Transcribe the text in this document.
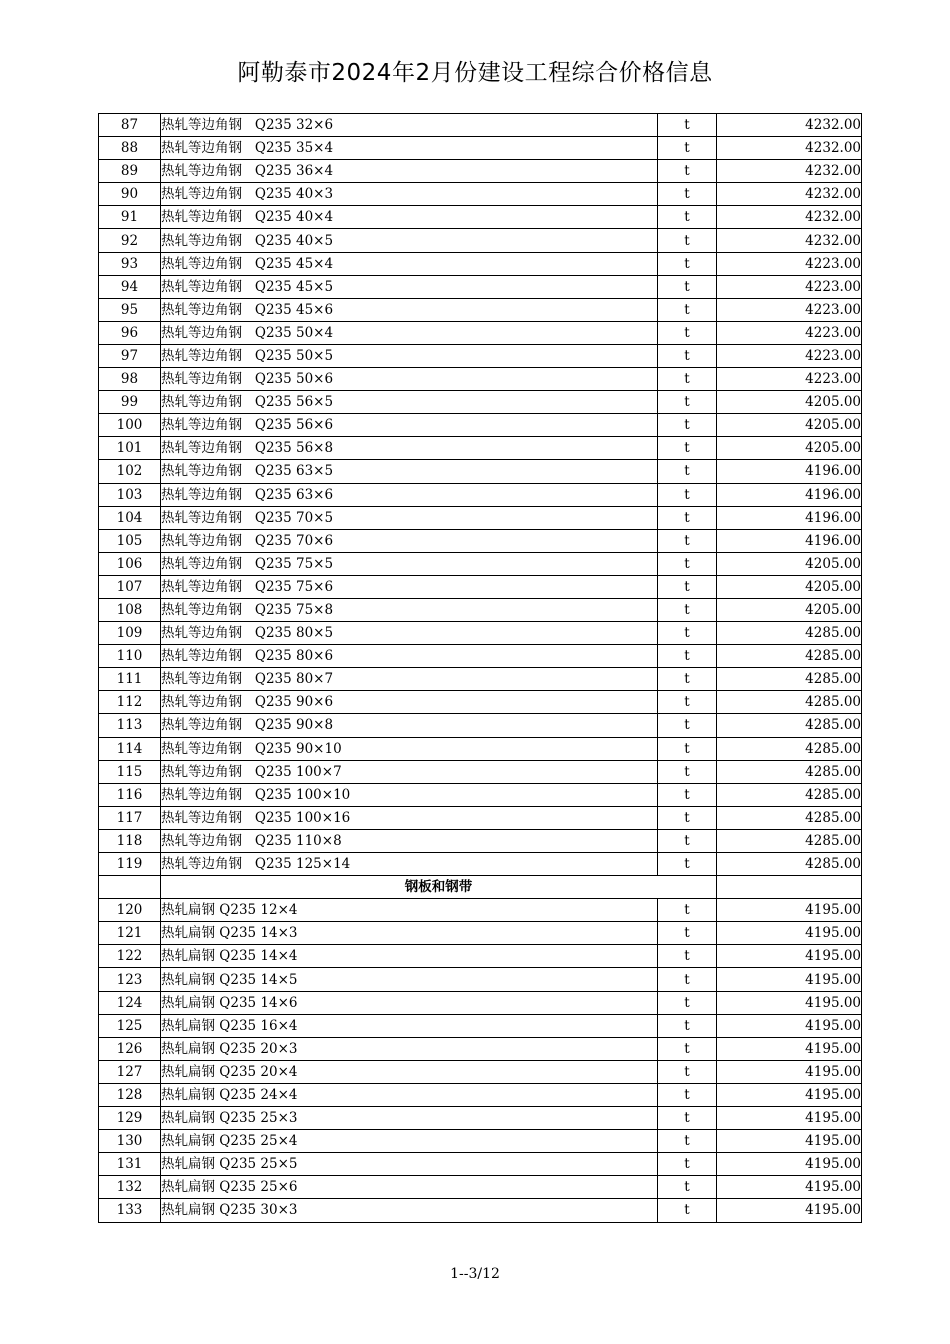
阿勒泰市2024年2月份建设工程综合价格信息
87	热轧等边角钢   Q235 32×6	t	4232.00
88	热轧等边角钢   Q235 35×4	t	4232.00
89	热轧等边角钢   Q235 36×4	t	4232.00
90	热轧等边角钢   Q235 40×3	t	4232.00
91	热轧等边角钢   Q235 40×4	t	4232.00
92	热轧等边角钢   Q235 40×5	t	4232.00
93	热轧等边角钢   Q235 45×4	t	4223.00
94	热轧等边角钢   Q235 45×5	t	4223.00
95	热轧等边角钢   Q235 45×6	t	4223.00
96	热轧等边角钢   Q235 50×4	t	4223.00
97	热轧等边角钢   Q235 50×5	t	4223.00
98	热轧等边角钢   Q235 50×6	t	4223.00
99	热轧等边角钢   Q235 56×5	t	4205.00
100	热轧等边角钢   Q235 56×6	t	4205.00
101	热轧等边角钢   Q235 56×8	t	4205.00
102	热轧等边角钢   Q235 63×5	t	4196.00
103	热轧等边角钢   Q235 63×6	t	4196.00
104	热轧等边角钢   Q235 70×5	t	4196.00
105	热轧等边角钢   Q235 70×6	t	4196.00
106	热轧等边角钢   Q235 75×5	t	4205.00
107	热轧等边角钢   Q235 75×6	t	4205.00
108	热轧等边角钢   Q235 75×8	t	4205.00
109	热轧等边角钢   Q235 80×5	t	4285.00
110	热轧等边角钢   Q235 80×6	t	4285.00
111	热轧等边角钢   Q235 80×7	t	4285.00
112	热轧等边角钢   Q235 90×6	t	4285.00
113	热轧等边角钢   Q235 90×8	t	4285.00
114	热轧等边角钢   Q235 90×10	t	4285.00
115	热轧等边角钢   Q235 100×7	t	4285.00
116	热轧等边角钢   Q235 100×10	t	4285.00
117	热轧等边角钢   Q235 100×16	t	4285.00
118	热轧等边角钢   Q235 110×8	t	4285.00
119	热轧等边角钢   Q235 125×14	t	4285.00
	钢板和钢带		
120	热轧扁钢 Q235 12×4	t	4195.00
121	热轧扁钢 Q235 14×3	t	4195.00
122	热轧扁钢 Q235 14×4	t	4195.00
123	热轧扁钢 Q235 14×5	t	4195.00
124	热轧扁钢 Q235 14×6	t	4195.00
125	热轧扁钢 Q235 16×4	t	4195.00
126	热轧扁钢 Q235 20×3	t	4195.00
127	热轧扁钢 Q235 20×4	t	4195.00
128	热轧扁钢 Q235 24×4	t	4195.00
129	热轧扁钢 Q235 25×3	t	4195.00
130	热轧扁钢 Q235 25×4	t	4195.00
131	热轧扁钢 Q235 25×5	t	4195.00
132	热轧扁钢 Q235 25×6	t	4195.00
133	热轧扁钢 Q235 30×3	t	4195.00
1--3/12
